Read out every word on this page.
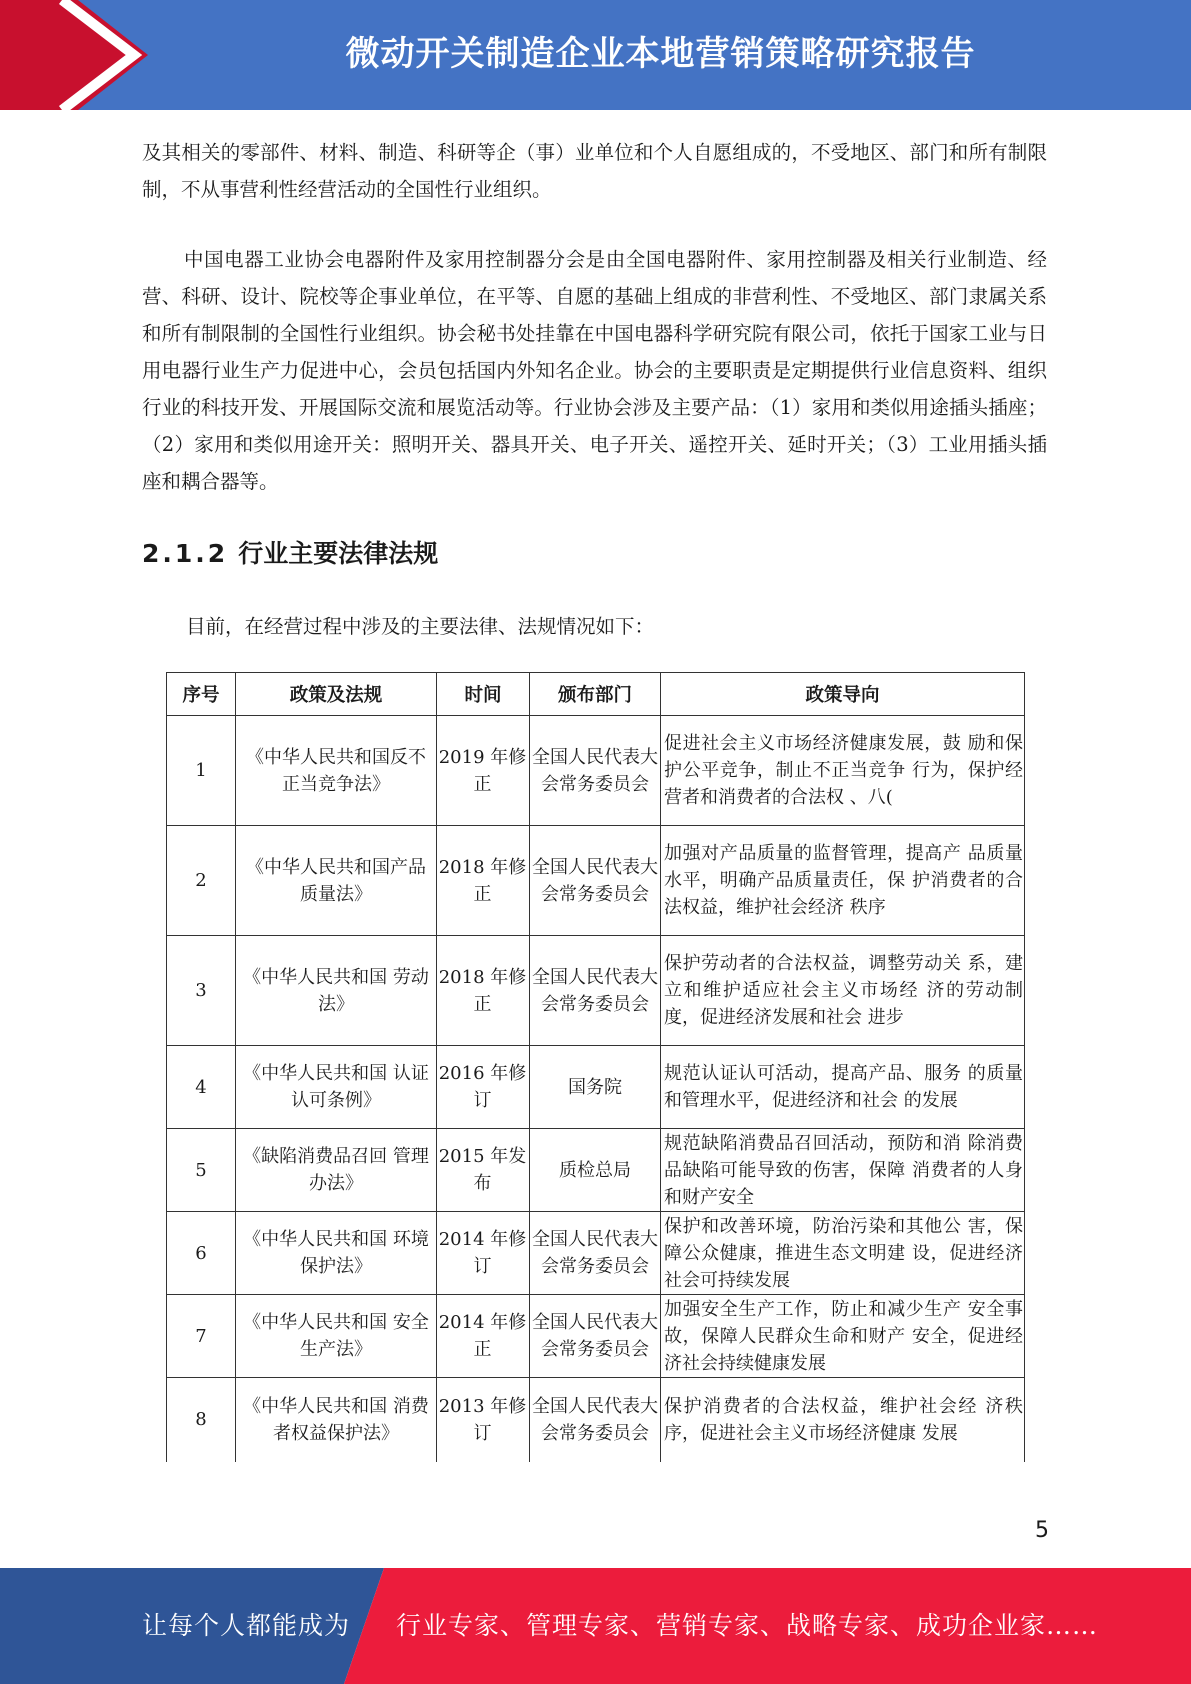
微动开关制造企业本地营销策略研究报告

及其相关的零部件、材料、制造、科研等企（事）业单位和个人自愿组成的，不受地区、部门和所有制限制，不从事营利性经营活动的全国性行业组织。

中国电器工业协会电器附件及家用控制器分会是由全国电器附件、家用控制器及相关行业制造、经营、科研、设计、院校等企事业单位，在平等、自愿的基础上组成的非营利性、不受地区、部门隶属关系和所有制限制的全国性行业组织。协会秘书处挂靠在中国电器科学研究院有限公司，依托于国家工业与日用电器行业生产力促进中心，会员包括国内外知名企业。协会的主要职责是定期提供行业信息资料、组织行业的科技开发、开展国际交流和展览活动等。行业协会涉及主要产品：（1）家用和类似用途插头插座；（2）家用和类似用途开关：照明开关、器具开关、电子开关、遥控开关、延时开关；（3）工业用插头插座和耦合器等。

2.1.2 行业主要法律法规

目前，在经营过程中涉及的主要法律、法规情况如下：

序号	政策及法规	时间	颁布部门	政策导向
1	《中华人民共和国反不正当竞争法》	2019 年修正	全国人民代表大会常务委员会	促进社会主义市场经济健康发展，鼓 励和保护公平竞争，制止不正当竞争 行为，保护经营者和消费者的合法权 、八(
2	《中华人民共和国产品质量法》	2018 年修正	全国人民代表大会常务委员会	加强对产品质量的监督管理，提高产 品质量水平，明确产品质量责任，保 护消费者的合法权益，维护社会经济 秩序
3	《中华人民共和国 劳动法》	2018 年修正	全国人民代表大会常务委员会	保护劳动者的合法权益，调整劳动关 系，建立和维护适应社会主义市场经 济的劳动制度，促进经济发展和社会 进步
4	《中华人民共和国 认证认可条例》	2016 年修订	国务院	规范认证认可活动，提高产品、服务 的质量和管理水平，促进经济和社会 的发展
5	《缺陷消费品召回 管理办法》	2015 年发布	质检总局	规范缺陷消费品召回活动，预防和消 除消费品缺陷可能导致的伤害，保障 消费者的人身和财产安全
6	《中华人民共和国 环境保护法》	2014 年修订	全国人民代表大会常务委员会	保护和改善环境，防治污染和其他公 害，保障公众健康，推进生态文明建 设，促进经济社会可持续发展
7	《中华人民共和国 安全生产法》	2014 年修正	全国人民代表大会常务委员会	加强安全生产工作，防止和减少生产 安全事故，保障人民群众生命和财产 安全，促进经济社会持续健康发展
8	《中华人民共和国 消费者权益保护法》	2013 年修订	全国人民代表大会常务委员会	保护消费者的合法权益，维护社会经 济秩序，促进社会主义市场经济健康 发展
5
让每个人都能成为 行业专家、管理专家、营销专家、战略专家、成功企业家……
